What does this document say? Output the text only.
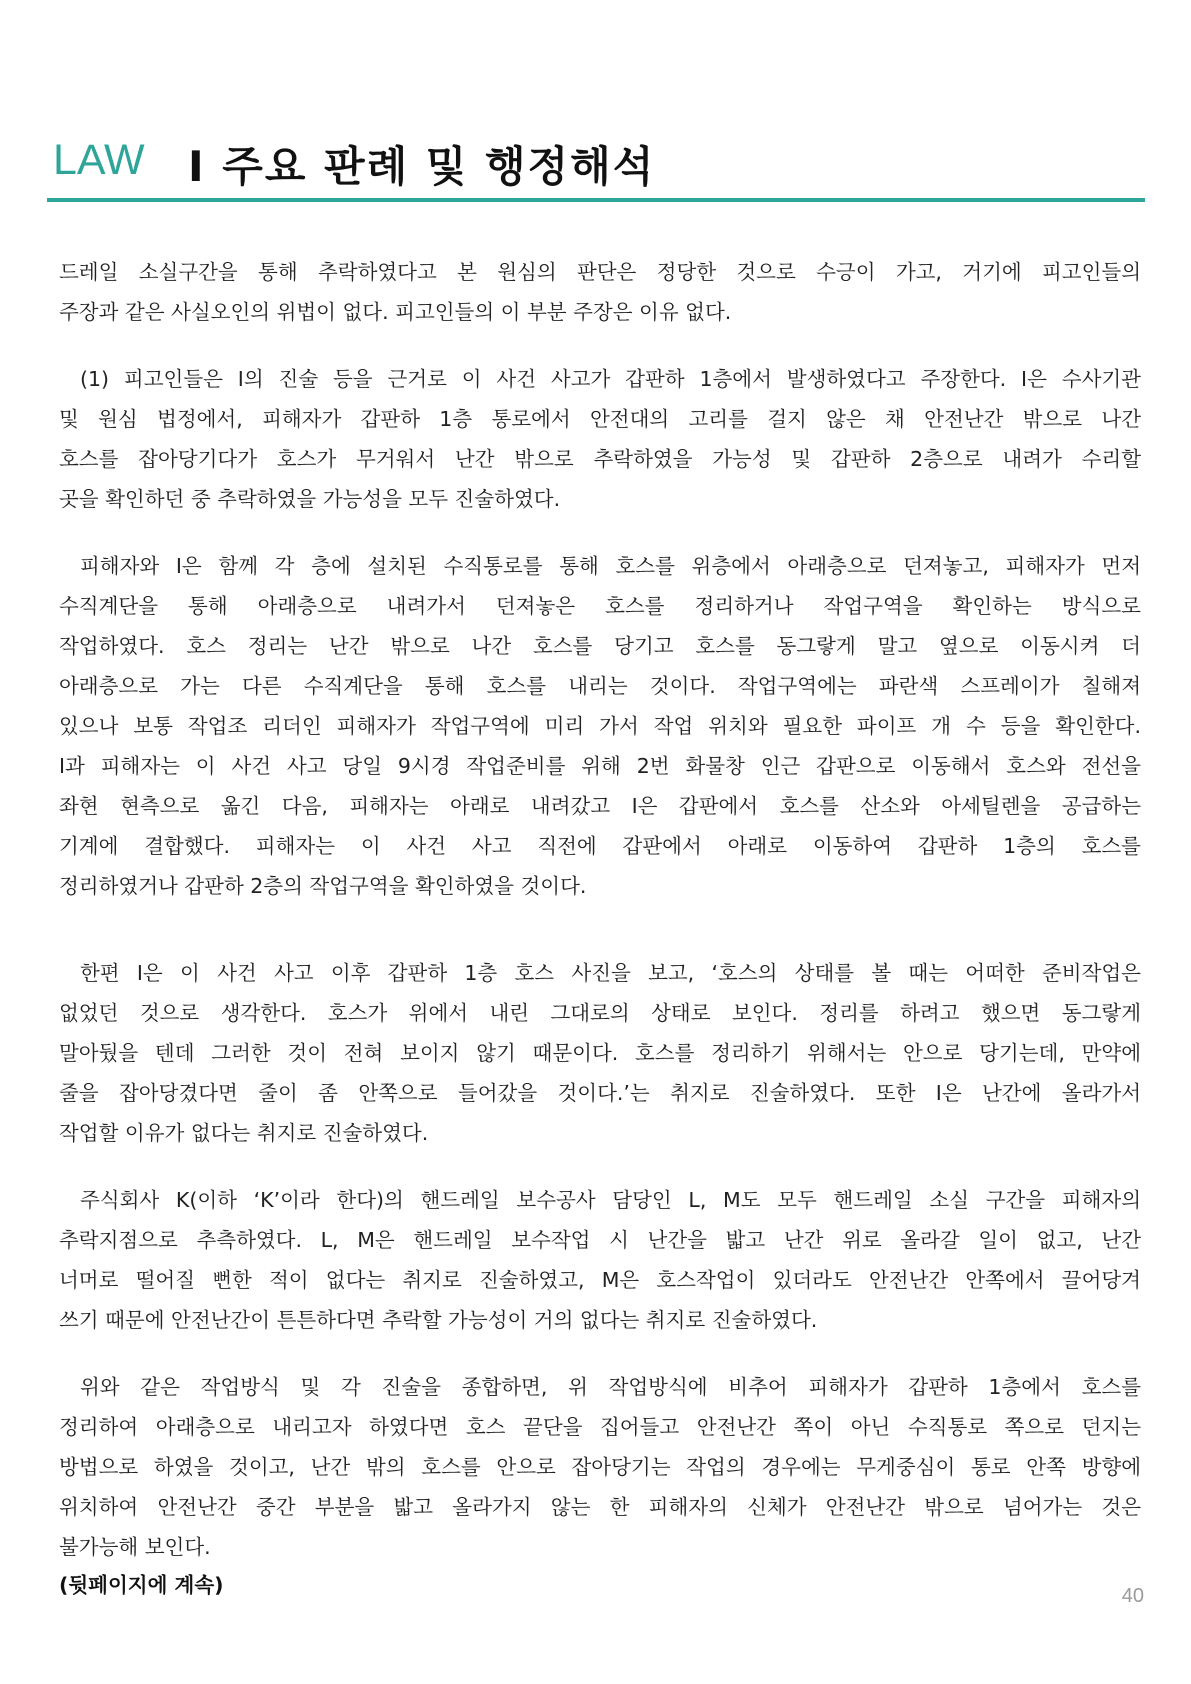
LAW I 주요 판례 및 행정해석
드레일 소실구간을 통해 추락하였다고 본 원심의 판단은 정당한 것으로 수긍이 가고, 거기에 피고인들의
주장과 같은 사실오인의 위법이 없다. 피고인들의 이 부분 주장은 이유 없다.
(1) 피고인들은 I의 진술 등을 근거로 이 사건 사고가 갑판하 1층에서 발생하였다고 주장한다. I은 수사기관
및 원심 법정에서, 피해자가 갑판하 1층 통로에서 안전대의 고리를 걸지 않은 채 안전난간 밖으로 나간
호스를 잡아당기다가 호스가 무거워서 난간 밖으로 추락하였을 가능성 및 갑판하 2층으로 내려가 수리할
곳을 확인하던 중 추락하였을 가능성을 모두 진술하였다.
피해자와 I은 함께 각 층에 설치된 수직통로를 통해 호스를 위층에서 아래층으로 던져놓고, 피해자가 먼저
수직계단을 통해 아래층으로 내려가서 던져놓은 호스를 정리하거나 작업구역을 확인하는 방식으로
작업하였다. 호스 정리는 난간 밖으로 나간 호스를 당기고 호스를 동그랗게 말고 옆으로 이동시켜 더
아래층으로 가는 다른 수직계단을 통해 호스를 내리는 것이다. 작업구역에는 파란색 스프레이가 칠해져
있으나 보통 작업조 리더인 피해자가 작업구역에 미리 가서 작업 위치와 필요한 파이프 개 수 등을 확인한다.
I과 피해자는 이 사건 사고 당일 9시경 작업준비를 위해 2번 화물창 인근 갑판으로 이동해서 호스와 전선을
좌현 현측으로 옮긴 다음, 피해자는 아래로 내려갔고 I은 갑판에서 호스를 산소와 아세틸렌을 공급하는
기계에 결합했다. 피해자는 이 사건 사고 직전에 갑판에서 아래로 이동하여 갑판하 1층의 호스를
정리하였거나 갑판하 2층의 작업구역을 확인하였을 것이다.
한편 I은 이 사건 사고 이후 갑판하 1층 호스 사진을 보고, ‘호스의 상태를 볼 때는 어떠한 준비작업은
없었던 것으로 생각한다. 호스가 위에서 내린 그대로의 상태로 보인다. 정리를 하려고 했으면 동그랗게
말아뒀을 텐데 그러한 것이 전혀 보이지 않기 때문이다. 호스를 정리하기 위해서는 안으로 당기는데, 만약에
줄을 잡아당겼다면 줄이 좀 안쪽으로 들어갔을 것이다.’는 취지로 진술하였다. 또한 I은 난간에 올라가서
작업할 이유가 없다는 취지로 진술하였다.
주식회사 K(이하 ‘K’이라 한다)의 핸드레일 보수공사 담당인 L, M도 모두 핸드레일 소실 구간을 피해자의
추락지점으로 추측하였다. L, M은 핸드레일 보수작업 시 난간을 밟고 난간 위로 올라갈 일이 없고, 난간
너머로 떨어질 뻔한 적이 없다는 취지로 진술하였고, M은 호스작업이 있더라도 안전난간 안쪽에서 끌어당겨
쓰기 때문에 안전난간이 튼튼하다면 추락할 가능성이 거의 없다는 취지로 진술하였다.
위와 같은 작업방식 및 각 진술을 종합하면, 위 작업방식에 비추어 피해자가 갑판하 1층에서 호스를
정리하여 아래층으로 내리고자 하였다면 호스 끝단을 집어들고 안전난간 쪽이 아닌 수직통로 쪽으로 던지는
방법으로 하였을 것이고, 난간 밖의 호스를 안으로 잡아당기는 작업의 경우에는 무게중심이 통로 안쪽 방향에
위치하여 안전난간 중간 부분을 밟고 올라가지 않는 한 피해자의 신체가 안전난간 밖으로 넘어가는 것은
불가능해 보인다.
(뒷페이지에 계속)	40
